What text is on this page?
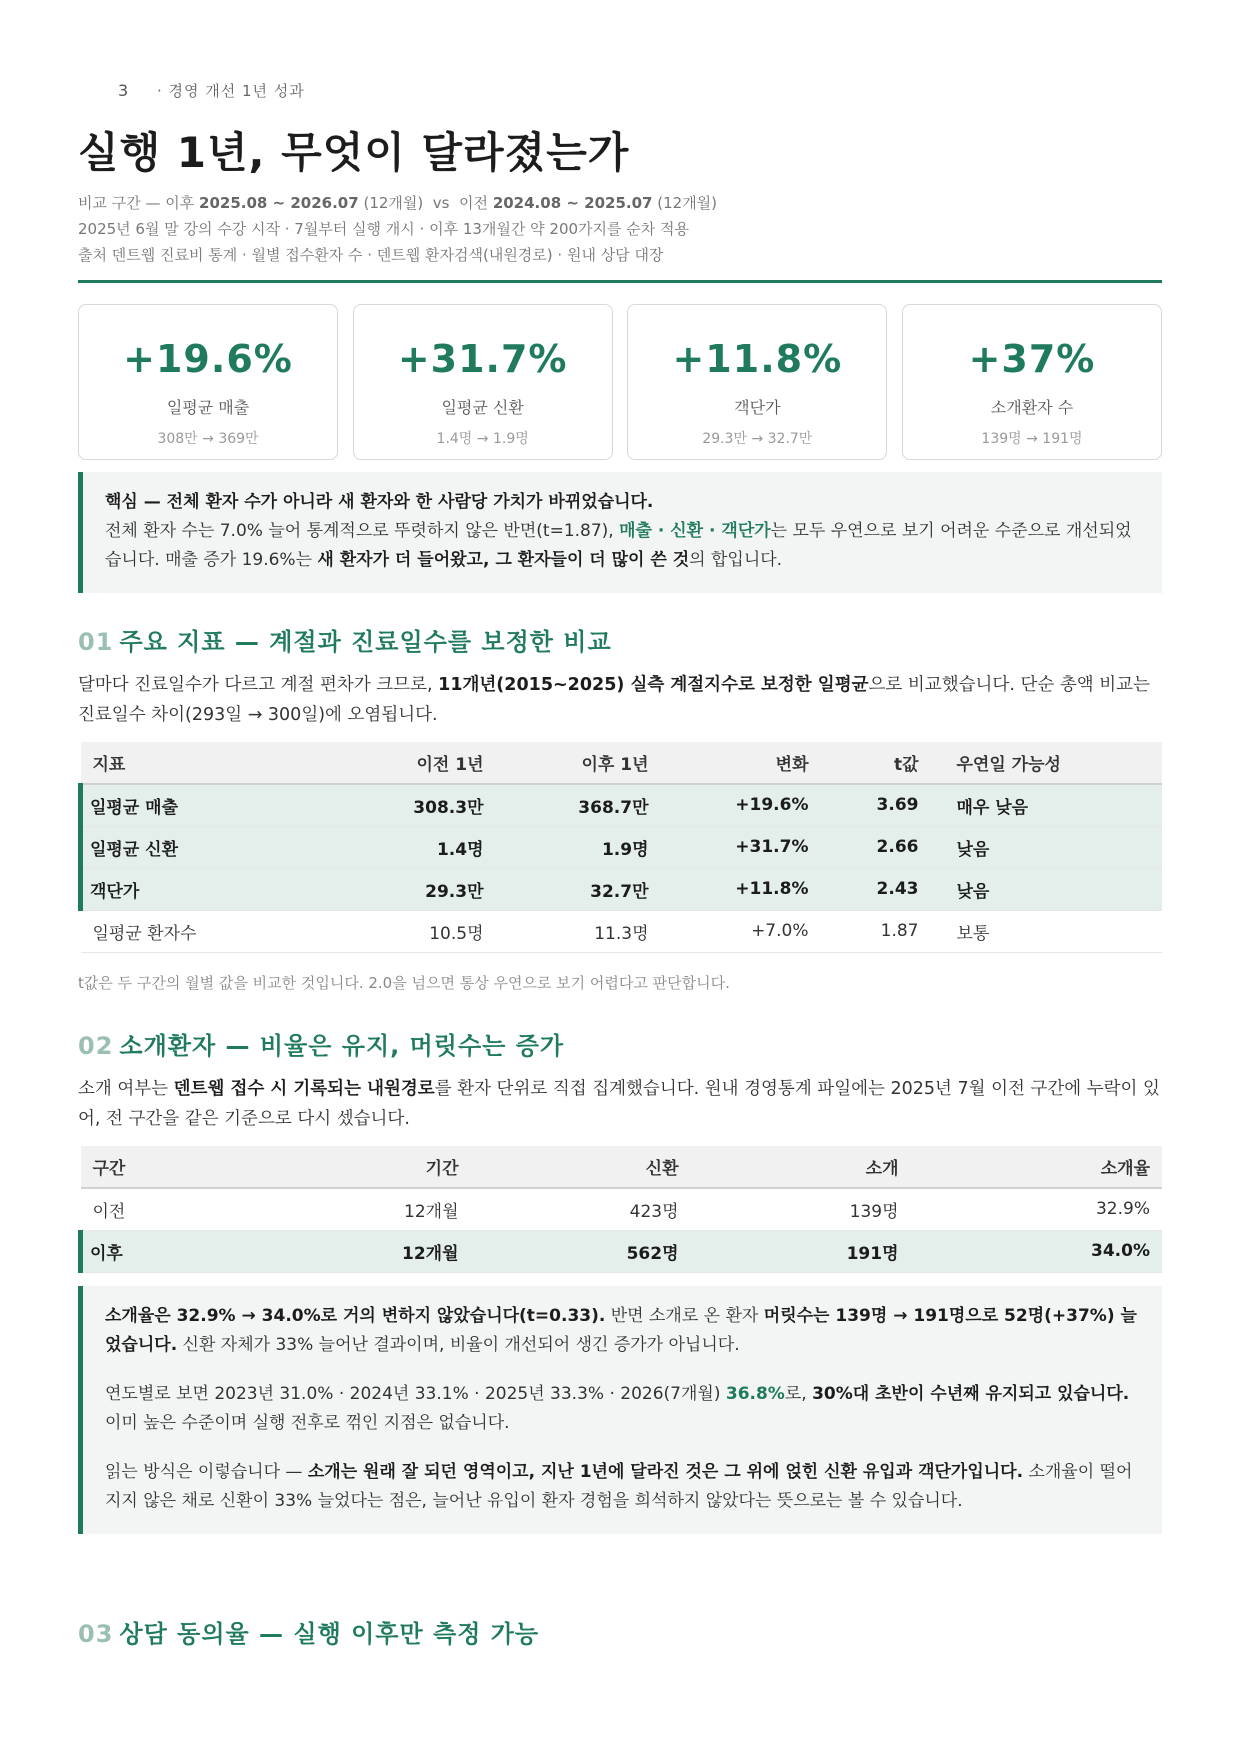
3 · 경영 개선 1년 성과
실행 1년, 무엇이 달라졌는가
비교 구간 — 이후 2025.08 ~ 2026.07 (12개월) vs 이전 2024.08 ~ 2025.07 (12개월)
2025년 6월 말 강의 수강 시작 · 7월부터 실행 개시 · 이후 13개월간 약 200가지를 순차 적용
출처 덴트웹 진료비 통계 · 월별 접수환자 수 · 덴트웹 환자검색(내원경로) · 원내 상담 대장
+19.6%
일평균 매출
308만 → 369만
+31.7%
일평균 신환
1.4명 → 1.9명
+11.8%
객단가
29.3만 → 32.7만
+37%
소개환자 수
139명 → 191명

핵심 — 전체 환자 수가 아니라 새 환자와 한 사람당 가치가 바뀌었습니다.

전체 환자 수는 7.0% 늘어 통계적으로 뚜렷하지 않은 반면(t=1.87), 매출 · 신환 · 객단가는 모두 우연으로 보기 어려운 수준으로 개선되었습니다. 매출 증가 19.6%는 새 환자가 더 들어왔고, 그 환자들이 더 많이 쓴 것의 합입니다.

01 주요 지표 — 계절과 진료일수를 보정한 비교
달마다 진료일수가 다르고 계절 편차가 크므로, 11개년(2015~2025) 실측 계절지수로 보정한 일평균으로 비교했습니다. 단순 총액 비교는 진료일수 차이(293일 → 300일)에 오염됩니다.
지표	이전 1년	이후 1년	변화	t값	우연일 가능성
일평균 매출	308.3만	368.7만	+19.6%	3.69	매우 낮음
일평균 신환	1.4명	1.9명	+31.7%	2.66	낮음
객단가	29.3만	32.7만	+11.8%	2.43	낮음
일평균 환자수	10.5명	11.3명	+7.0%	1.87	보통
t값은 두 구간의 월별 값을 비교한 것입니다. 2.0을 넘으면 통상 우연으로 보기 어렵다고 판단합니다.
02 소개환자 — 비율은 유지, 머릿수는 증가
소개 여부는 덴트웹 접수 시 기록되는 내원경로를 환자 단위로 직접 집계했습니다. 원내 경영통계 파일에는 2025년 7월 이전 구간에 누락이 있어, 전 구간을 같은 기준으로 다시 셌습니다.
구간	기간	신환	소개	소개율
이전	12개월	423명	139명	32.9%
이후	12개월	562명	191명	34.0%

소개율은 32.9% → 34.0%로 거의 변하지 않았습니다(t=0.33). 반면 소개로 온 환자 머릿수는 139명 → 191명으로 52명(+37%) 늘었습니다. 신환 자체가 33% 늘어난 결과이며, 비율이 개선되어 생긴 증가가 아닙니다.

연도별로 보면 2023년 31.0% · 2024년 33.1% · 2025년 33.3% · 2026(7개월) 36.8%로, 30%대 초반이 수년째 유지되고 있습니다. 이미 높은 수준이며 실행 전후로 꺾인 지점은 없습니다.

읽는 방식은 이렇습니다 — 소개는 원래 잘 되던 영역이고, 지난 1년에 달라진 것은 그 위에 얹힌 신환 유입과 객단가입니다. 소개율이 떨어지지 않은 채로 신환이 33% 늘었다는 점은, 늘어난 유입이 환자 경험을 희석하지 않았다는 뜻으로는 볼 수 있습니다.

03 상담 동의율 — 실행 이후만 측정 가능
